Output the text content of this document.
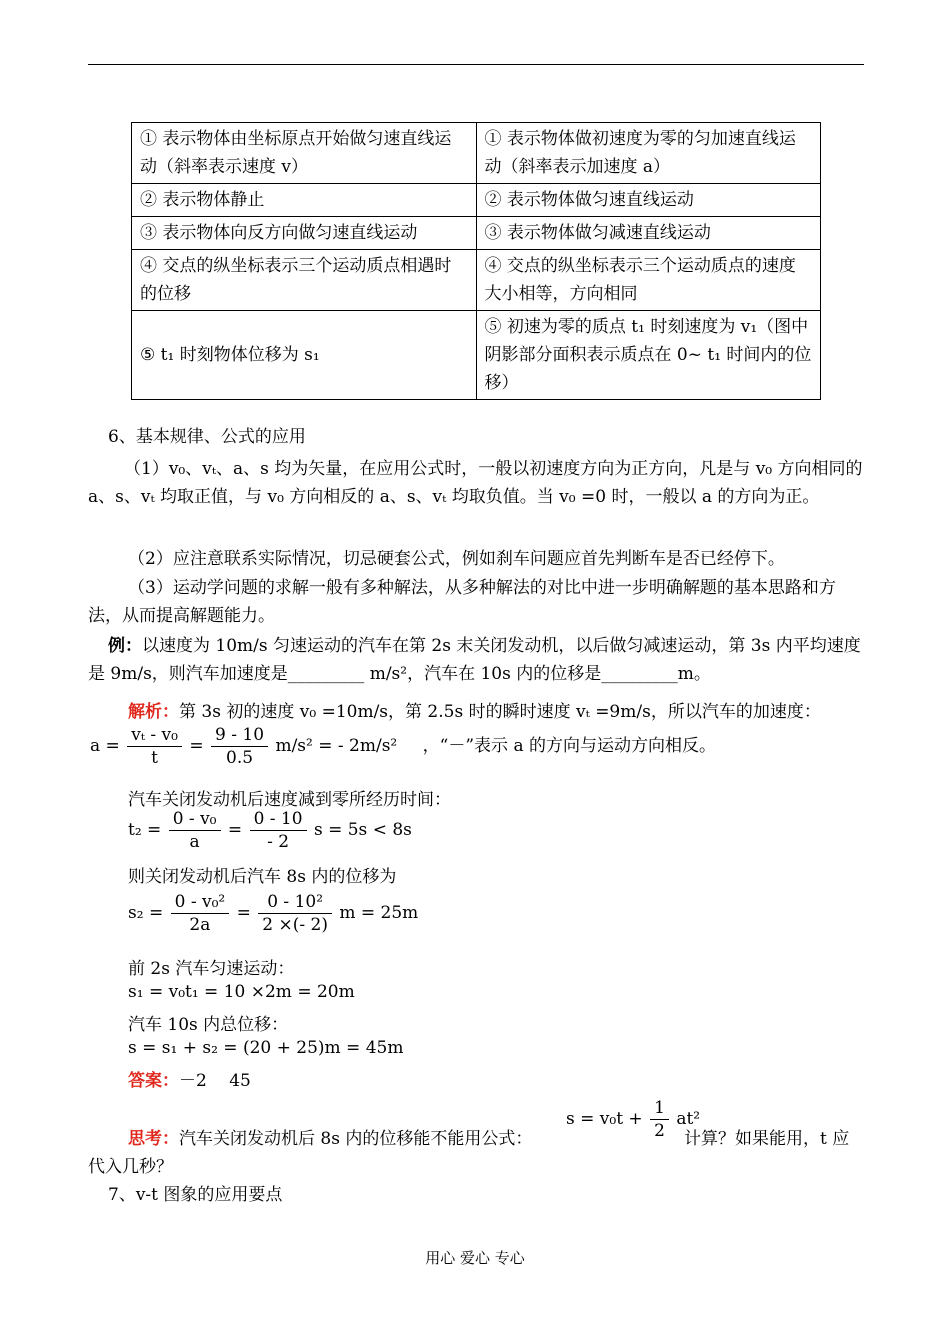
① 表示物体由坐标原点开始做匀速直线运动（斜率表示速度 v）	① 表示物体做初速度为零的匀加速直线运动（斜率表示加速度 a）
② 表示物体静止	② 表示物体做匀速直线运动
③ 表示物体向反方向做匀速直线运动	③ 表示物体做匀减速直线运动
④ 交点的纵坐标表示三个运动质点相遇时的位移	④ 交点的纵坐标表示三个运动质点的速度大小相等，方向相同
⑤ t₁ 时刻物体位移为 s₁	⑤ 初速为零的质点 t₁ 时刻速度为 v₁（图中阴影部分面积表示质点在 0~ t₁ 时间内的位移）
6、基本规律、公式的应用
（1）v₀、vₜ、a、s 均为矢量，在应用公式时，一般以初速度方向为正方向，凡是与 v₀ 方向相同的 a、s、vₜ 均取正值，与 v₀ 方向相反的 a、s、vₜ 均取负值。当 v₀ =0 时，一般以 a 的方向为正。
（2）应注意联系实际情况，切忌硬套公式，例如刹车问题应首先判断车是否已经停下。
（3）运动学问题的求解一般有多种解法，从多种解法的对比中进一步明确解题的基本思路和方法，从而提高解题能力。
例：以速度为 10m/s 匀速运动的汽车在第 2s 末关闭发动机，以后做匀减速运动，第 3s 内平均速度是 9m/s，则汽车加速度是_________ m/s²，汽车在 10s 内的位移是_________m。
解析：第 3s 初的速度 v₀ =10m/s，第 2.5s 时的瞬时速度 vₜ =9m/s，所以汽车的加速度：
$a = \frac{\text{vₜ - v₀}}{t} = \frac{9 - 10}{0.5} m/s^2$ = - 2m/s² ，“－”表示 a 的方向与运动方向相反。
汽车关闭发动机后速度减到零所经历时间：
$t_2 = \frac{\text{0 - v₀}}{a} = \frac{0 - 10}{- 2}$ s = 5s < 8s
则关闭发动机后汽车 8s 内的位移为
$s_2 = \frac{\text{0 - v₀²}}{2a} = \frac{\text{0 - 10²}}{2 \times(- 2)}$ m = 25m
前 2s 汽车匀速运动：
s₁ = v₀t₁ = 10 ×2m = 20m
汽车 10s 内总位移：
s = s₁ + s₂ = (20 + 25)m = 45m
答案：－2　 45
思考：汽车关闭发动机后 8s 内的位移能不能用公式：
$s = v_0t + \frac{1}{2} at^2$
计算？如果能用，t 应代入几秒？
7、v-t 图象的应用要点
用心 爱心 专心
